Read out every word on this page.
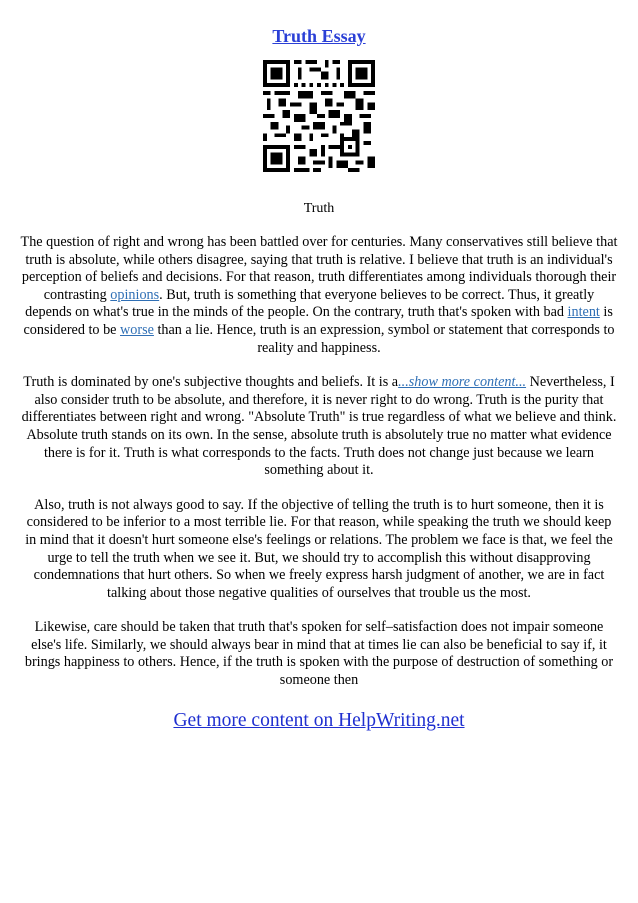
Truth Essay
Truth

The question of right and wrong has been battled over for centuries. Many conservatives still believe that truth is absolute, while others disagree, saying that truth is relative. I believe that truth is an individual's perception of beliefs and decisions. For that reason, truth differentiates among individuals thorough their contrasting opinions. But, truth is something that everyone believes to be correct. Thus, it greatly depends on what's true in the minds of the people. On the contrary, truth that's spoken with bad intent is considered to be worse than a lie. Hence, truth is an expression, symbol or statement that corresponds to reality and happiness.

Truth is dominated by one's subjective thoughts and beliefs. It is a...show more content... Nevertheless, I also consider truth to be absolute, and therefore, it is never right to do wrong. Truth is the purity that differentiates between right and wrong. "Absolute Truth" is true regardless of what we believe and think. Absolute truth stands on its own. In the sense, absolute truth is absolutely true no matter what evidence there is for it. Truth is what corresponds to the facts. Truth does not change just because we learn something about it.

Also, truth is not always good to say. If the objective of telling the truth is to hurt someone, then it is considered to be inferior to a most terrible lie. For that reason, while speaking the truth we should keep in mind that it doesn't hurt someone else's feelings or relations. The problem we face is that, we feel the urge to tell the truth when we see it. But, we should try to accomplish this without disapproving condemnations that hurt others. So when we freely express harsh judgment of another, we are in fact talking about those negative qualities of ourselves that trouble us the most.

Likewise, care should be taken that truth that's spoken for self–satisfaction does not impair someone else's life. Similarly, we should always bear in mind that at times lie can also be beneficial to say if, it brings happiness to others. Hence, if the truth is spoken with the purpose of destruction of something or someone then

Get more content on HelpWriting.net
